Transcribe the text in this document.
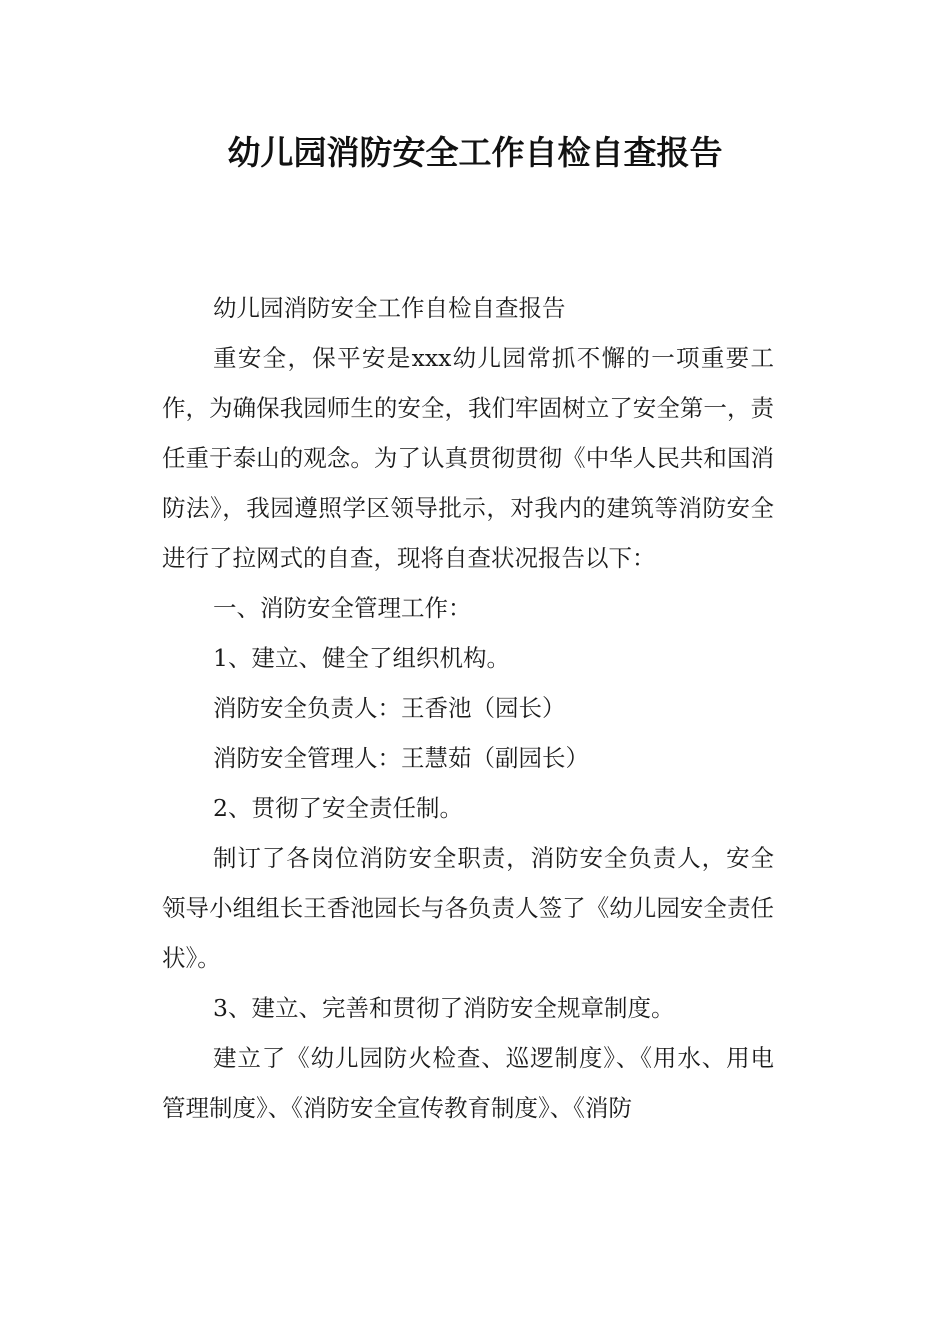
幼儿园消防安全工作自检自查报告

幼儿园消防安全工作自检自查报告

重安全，保平安是xxx幼儿园常抓不懈的一项重要工作，为确保我园师生的安全，我们牢固树立了安全第一，责任重于泰山的观念。为了认真贯彻贯彻《中华人民共和国消防法》，我园遵照学区领导批示，对我内的建筑等消防安全进行了拉网式的自查，现将自查状况报告以下：

一、消防安全管理工作：

1、建立、健全了组织机构。

消防安全负责人：王香池（园长）

消防安全管理人：王慧茹（副园长）

2、贯彻了安全责任制。

制订了各岗位消防安全职责，消防安全负责人，安全领导小组组长王香池园长与各负责人签了《幼儿园安全责任状》。

3、建立、完善和贯彻了消防安全规章制度。

建立了《幼儿园防火检查、巡逻制度》、《用水、用电管理制度》、《消防安全宣传教育制度》、《消防
